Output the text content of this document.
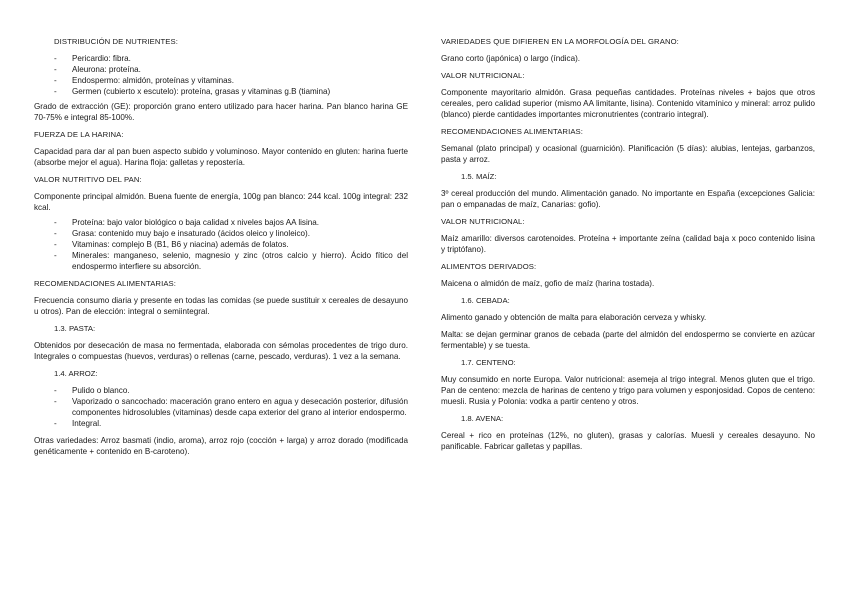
DISTRIBUCIÓN DE NUTRIENTES:
- Pericardio: fibra.
- Aleurona: proteína.
- Endospermo: almidón, proteínas y vitaminas.
- Germen (cubierto x escutelo): proteína, grasas y vitaminas g.B (tiamina)

Grado de extracción (GE): proporción grano entero utilizado para hacer harina. Pan blanco harina GE 70-75% e integral 85-100%.

FUERZA DE LA HARINA:

Capacidad para dar al pan buen aspecto subido y voluminoso. Mayor contenido en gluten: harina fuerte (absorbe mejor el agua). Harina floja: galletas y repostería.

VALOR NUTRITIVO DEL PAN:

Componente principal almidón. Buena fuente de energía, 100g pan blanco: 244 kcal. 100g integral: 232 kcal.

- Proteína: bajo valor biológico o baja calidad x niveles bajos AA lisina.
- Grasa: contenido muy bajo e insaturado (ácidos oleico y linoleico).
- Vitaminas: complejo B (B1, B6 y niacina) además de folatos.
- Minerales: manganeso, selenio, magnesio y zinc (otros calcio y hierro). Ácido fítico del endospermo interfiere su absorción.
RECOMENDACIONES ALIMENTARIAS:

Frecuencia consumo diaria y presente en todas las comidas (se puede sustituir x cereales de desayuno u otros). Pan de elección: integral o semiintegral.

1.3. PASTA:

Obtenidos por desecación de masa no fermentada, elaborada con sémolas procedentes de trigo duro. Integrales o compuestas (huevos, verduras) o rellenas (carne, pescado, verduras). 1 vez a la semana.

1.4. ARROZ:
- Pulido o blanco.
- Vaporizado o sancochado: maceración grano entero en agua y desecación posterior, difusión componentes hidrosolubles (vitaminas) desde capa exterior del grano al interior endospermo.
- Integral.

Otras variedades: Arroz basmati (indio, aroma), arroz rojo (cocción + larga) y arroz dorado (modificada genéticamente + contenido en B-caroteno).

VARIEDADES QUE DIFIEREN EN LA MORFOLOGÍA DEL GRANO:

Grano corto (japónica) o largo (índica).

VALOR NUTRICIONAL:

Componente mayoritario almidón. Grasa pequeñas cantidades. Proteínas niveles + bajos que otros cereales, pero calidad superior (mismo AA limitante, lisina). Contenido vitamínico y mineral: arroz pulido (blanco) pierde cantidades importantes micronutrientes (contrario integral).

RECOMENDACIONES ALIMENTARIAS:

Semanal (plato principal) y ocasional (guarnición). Planificación (5 días): alubias, lentejas, garbanzos, pasta y arroz.

1.5. MAÍZ:

3º cereal producción del mundo. Alimentación ganado. No importante en España (excepciones Galicia: pan o empanadas de maíz, Canarias: gofio).

VALOR NUTRICIONAL:

Maíz amarillo: diversos carotenoides. Proteína + importante zeína (calidad baja x poco contenido lisina y triptófano).

ALIMENTOS DERIVADOS:

Maicena o almidón de maíz, gofio de maíz (harina tostada).

1.6. CEBADA:

Alimento ganado y obtención de malta para elaboración cerveza y whisky.

Malta: se dejan germinar granos de cebada (parte del almidón del endospermo se convierte en azúcar fermentable) y se tuesta.

1.7. CENTENO:

Muy consumido en norte Europa. Valor nutricional: asemeja al trigo integral. Menos gluten que el trigo. Pan de centeno: mezcla de harinas de centeno y trigo para volumen y esponjosidad. Copos de centeno: muesli. Rusia y Polonia: vodka a partir centeno y otros.

1.8. AVENA:

Cereal + rico en proteínas (12%, no gluten), grasas y calorías. Muesli y cereales desayuno. No panificable. Fabricar galletas y papillas.
